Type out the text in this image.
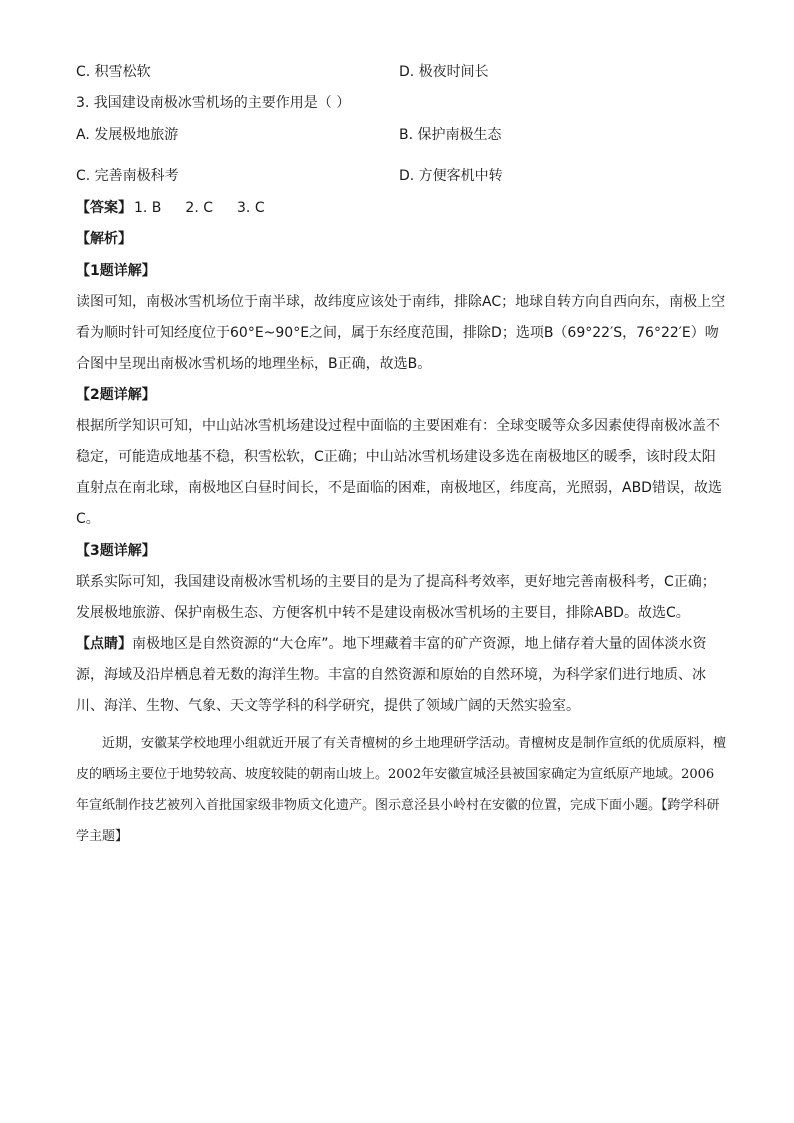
C. 积雪松软	D. 极夜时间长
3. 我国建设南极冰雪机场的主要作用是（ ）
A. 发展极地旅游	B. 保护南极生态
C. 完善南极科考	D. 方便客机中转
【答案】 1. B 2. C 3. C
【解析】
【1题详解】
读图可知，南极冰雪机场位于南半球，故纬度应该处于南纬，排除AC；地球自转方向自西向东，南极上空看为顺时针可知经度位于60°E~90°E之间，属于东经度范围，排除D；选项B（69°22′S，76°22′E）吻合图中呈现出南极冰雪机场的地理坐标，B正确，故选B。
【2题详解】
根据所学知识可知，中山站冰雪机场建设过程中面临的主要困难有：全球变暖等众多因素使得南极冰盖不稳定，可能造成地基不稳，积雪松软，C正确；中山站冰雪机场建设多选在南极地区的暖季，该时段太阳直射点在南北球，南极地区白昼时间长，不是面临的困难，南极地区，纬度高，光照弱，ABD错误，故选C。
【3题详解】
联系实际可知，我国建设南极冰雪机场的主要目的是为了提高科考效率，更好地完善南极科考，C正确；发展极地旅游、保护南极生态、方便客机中转不是建设南极冰雪机场的主要目，排除ABD。故选C。
【点睛】南极地区是自然资源的“大仓库”。地下埋藏着丰富的矿产资源，地上储存着大量的固体淡水资源，海域及沿岸栖息着无数的海洋生物。丰富的自然资源和原始的自然环境，为科学家们进行地质、冰川、海洋、生物、气象、天文等学科的科学研究，提供了领域广阔的天然实验室。
近期，安徽某学校地理小组就近开展了有关青檀树的乡土地理研学活动。青檀树皮是制作宣纸的优质原料，檀皮的晒场主要位于地势较高、坡度较陡的朝南山坡上。2002年安徽宣城泾县被国家确定为宣纸原产地域。2006年宣纸制作技艺被列入首批国家级非物质文化遗产。图示意泾县小岭村在安徽的位置，完成下面小题。【跨学科研学主题】
